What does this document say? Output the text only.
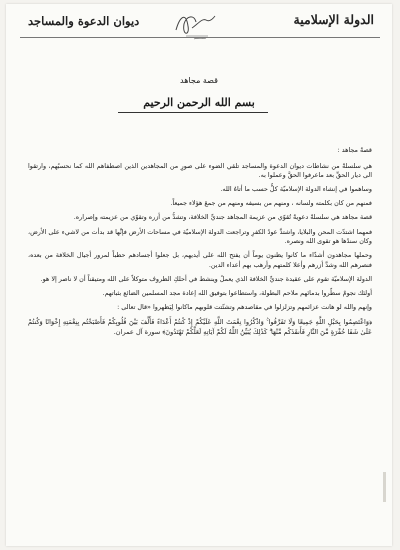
ديوان الدعوة والمساجد	الدولة الإسلامية
قصة مجاهد
بسم الله الرحمن الرحيم

قصةُ مجاهد :

هي سلسلةٌ من نشاطات ديوان الدعوة والمساجد تلقي الضوء على صورٍ من المجاهدين الذين اصطفاهم الله كما نحسبُهم، وارتقوا الى ديار الحقِّ بعد ماعرفوا الحقَّ وعملوا به.

وساهموا في إنشاء الدولة الإسلاميّة كلٌّ حسب ما أتاهُ الله.

فمنهم من كان بكلمته ولسانه ، ومنهم من بسيفه ومنهم من جمعَ هؤلاء جميعاً.

قصة مجاهد هي سلسلةٌ دعويةٌ تُقوّي من عزيمة المجاهد جنديِّ الخلافة، وتشدُّ من أزره وتقوّي من عزيمته وإصراره.

فمهما اشتدّت المحن والبلايا، واشتدَّ عودُ الكفرِ وتراجعت الدولة الإسلاميّة في مساحات الأرض فإنَّها قد بدأت من لاشيء على الأرض، وكان سندُها هو تقوى الله ونصره.

وحملها مجاهدون أشدّاء ما كانوا يظنون يوماً أن يفتح الله على أيديهم، بل جعلوا أجسادهم حطباً لمرور أجيال الخلافة من بعده، فنصرهم الله وشدَّ أزرهم وأعلا كلمتهم وأرهب بهم أعداء الدين.

الدولة الإسلاميّة تقوم على عقيدة جنديِّ الخلافة الذي يعملُ وينشط في أحلكِ الظروف متوكلاً على الله ومتيقناً أن لا ناصر إلا هو.

أولئك نجومٌ سطّروا بدمائهم ملاحم البطولة، واستطاعوا بتوفيق الله إعادة مجد المسلمين الضائع بثباتهم.

وإنهم والله لو هانت عزائمهم وتزلزلوا في مقاصدهم وتشتّتت قلوبهم ماكانوا لِيَظهروا «قال تعالى :

﴿وَاعْتَصِمُوا بِحَبْلِ اللَّهِ جَمِيعًا وَلَا تَفَرَّقُوا ۚ وَاذْكُرُوا نِعْمَتَ اللَّهِ عَلَيْكُمْ إِذْ كُنتُمْ أَعْدَاءً فَأَلَّفَ بَيْنَ قُلُوبِكُمْ فَأَصْبَحْتُم بِنِعْمَتِهِ إِخْوَانًا وَكُنتُمْ عَلَىٰ شَفَا حُفْرَةٍ مِّنَ النَّارِ فَأَنقَذَكُم مِّنْهَا ۗ كَذَٰلِكَ يُبَيِّنُ اللَّهُ لَكُمْ آيَاتِهِ لَعَلَّكُمْ تَهْتَدُونَ﴾ سورة آل عمران.
